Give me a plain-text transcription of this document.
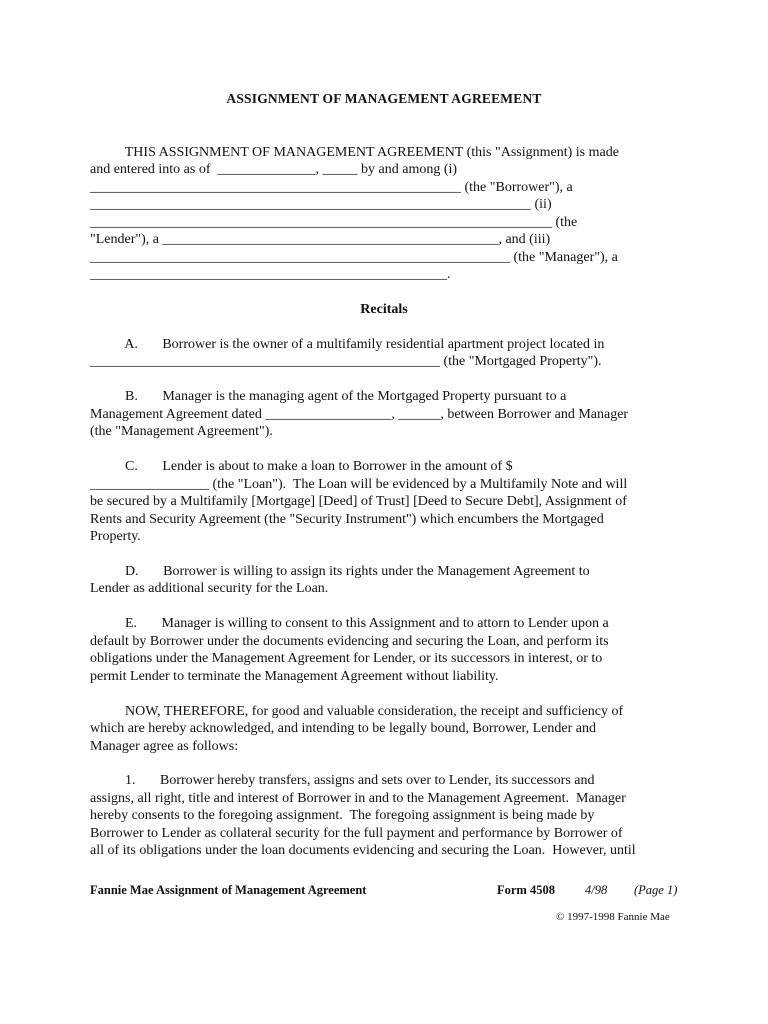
ASSIGNMENT OF MANAGEMENT AGREEMENT
THIS ASSIGNMENT OF MANAGEMENT AGREEMENT (this "Assignment) is made
and entered into as of  ______________, _____ by and among (i)
_____________________________________________________ (the "Borrower"), a
_______________________________________________________________ (ii)
__________________________________________________________________ (the
"Lender"), a ________________________________________________, and (iii)
____________________________________________________________ (the "Manager"), a
___________________________________________________.
Recitals
A.       Borrower is the owner of a multifamily residential apartment project located in
__________________________________________________ (the "Mortgaged Property").
B.       Manager is the managing agent of the Mortgaged Property pursuant to a
Management Agreement dated __________________, ______, between Borrower and Manager
(the "Management Agreement").
C.       Lender is about to make a loan to Borrower in the amount of $
_________________ (the "Loan").  The Loan will be evidenced by a Multifamily Note and will
be secured by a Multifamily [Mortgage] [Deed] of Trust] [Deed to Secure Debt], Assignment of
Rents and Security Agreement (the "Security Instrument") which encumbers the Mortgaged
Property.
D.       Borrower is willing to assign its rights under the Management Agreement to
Lender as additional security for the Loan.
E.       Manager is willing to consent to this Assignment and to attorn to Lender upon a
default by Borrower under the documents evidencing and securing the Loan, and perform its
obligations under the Management Agreement for Lender, or its successors in interest, or to
permit Lender to terminate the Management Agreement without liability.
NOW, THEREFORE, for good and valuable consideration, the receipt and sufficiency of
which are hereby acknowledged, and intending to be legally bound, Borrower, Lender and
Manager agree as follows:
1.       Borrower hereby transfers, assigns and sets over to Lender, its successors and
assigns, all right, title and interest of Borrower in and to the Management Agreement.  Manager
hereby consents to the foregoing assignment.  The foregoing assignment is being made by
Borrower to Lender as collateral security for the full payment and performance by Borrower of
all of its obligations under the loan documents evidencing and securing the Loan.  However, until
Fannie Mae Assignment of Management Agreement	Form 4508 4/98 (Page 1)
© 1997-1998 Fannie Mae
